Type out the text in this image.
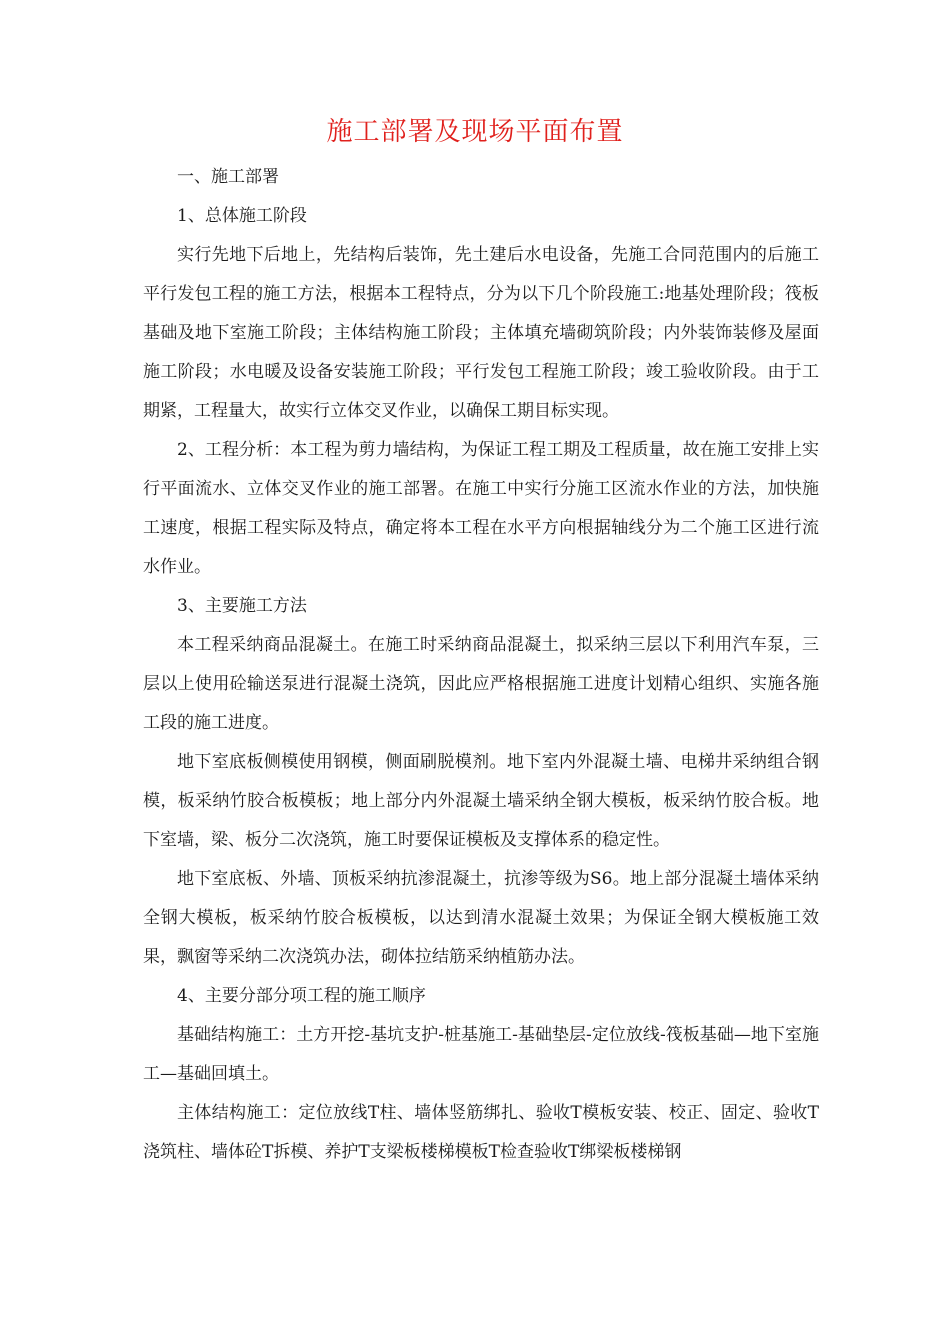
施工部署及现场平面布置

一、施工部署

1、总体施工阶段

实行先地下后地上，先结构后装饰，先土建后水电设备，先施工合同范围内的后施工平行发包工程的施工方法，根据本工程特点，分为以下几个阶段施工:地基处理阶段；筏板基础及地下室施工阶段；主体结构施工阶段；主体填充墙砌筑阶段；内外装饰装修及屋面施工阶段；水电暖及设备安装施工阶段；平行发包工程施工阶段；竣工验收阶段。由于工期紧，工程量大，故实行立体交叉作业，以确保工期目标实现。

2、工程分析：本工程为剪力墙结构，为保证工程工期及工程质量，故在施工安排上实行平面流水、立体交叉作业的施工部署。在施工中实行分施工区流水作业的方法，加快施工速度，根据工程实际及特点，确定将本工程在水平方向根据轴线分为二个施工区进行流水作业。

3、主要施工方法

本工程采纳商品混凝土。在施工时采纳商品混凝土，拟采纳三层以下利用汽车泵，三层以上使用砼输送泵进行混凝土浇筑，因此应严格根据施工进度计划精心组织、实施各施工段的施工进度。

地下室底板侧模使用钢模，侧面刷脱模剂。地下室内外混凝土墙、电梯井采纳组合钢模，板采纳竹胶合板模板；地上部分内外混凝土墙采纳全钢大模板，板采纳竹胶合板。地下室墙，梁、板分二次浇筑，施工时要保证模板及支撑体系的稳定性。

地下室底板、外墙、顶板采纳抗渗混凝土，抗渗等级为S6。地上部分混凝土墙体采纳全钢大模板，板采纳竹胶合板模板，以达到清水混凝土效果；为保证全钢大模板施工效果，飘窗等采纳二次浇筑办法，砌体拉结筋采纳植筋办法。

4、主要分部分项工程的施工顺序

基础结构施工：土方开挖-基坑支护-桩基施工-基础垫层-定位放线-筏板基础—地下室施工—基础回填土。

主体结构施工：定位放线T柱、墙体竖筋绑扎、验收T模板安装、校正、固定、验收T浇筑柱、墙体砼T拆模、养护T支梁板楼梯模板T检查验收T绑梁板楼梯钢
